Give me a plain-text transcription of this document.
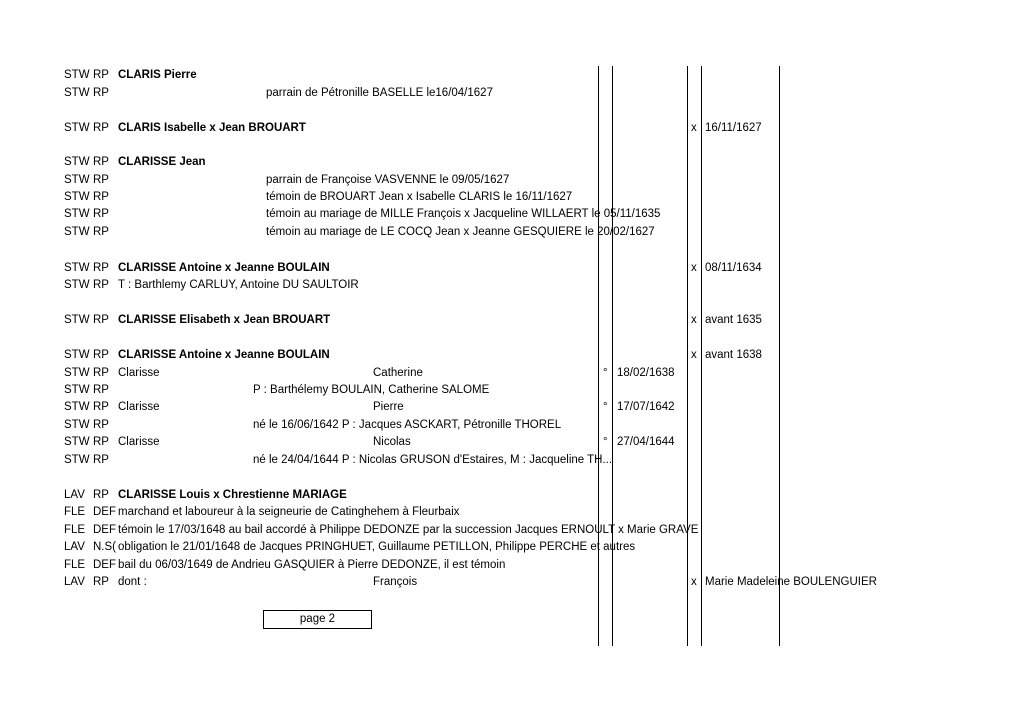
STW RP CLARIS Pierre
STW RP	parrain de Pétronille BASELLE le16/04/1627
STW RP CLARIS Isabelle x Jean BROUART	x 16/11/1627
STW RP CLARISSE Jean
STW RP	parrain de Françoise VASVENNE le 09/05/1627
STW RP	témoin de BROUART Jean x Isabelle CLARIS le 16/11/1627
STW RP	témoin au mariage de MILLE François x Jacqueline WILLAERT le 05/11/1635
STW RP	témoin au mariage de LE COCQ Jean x Jeanne GESQUIERE le 20/02/1627
STW RP CLARISSE Antoine x Jeanne BOULAIN	x 08/11/1634
STW RP T : Barthlemy CARLUY, Antoine DU SAULTOIR
STW RP CLARISSE Elisabeth x Jean BROUART	x avant 1635
STW RP CLARISSE Antoine x Jeanne BOULAIN	x avant 1638
STW RP Clarisse	Catherine	° 18/02/1638
STW RP	P : Barthélemy BOULAIN, Catherine SALOME
STW RP Clarisse	Pierre	° 17/07/1642
STW RP	né le 16/06/1642 P : Jacques ASCKART, Pétronille THOREL
STW RP Clarisse	Nicolas	° 27/04/1644
STW RP	né le 24/04/1644 P : Nicolas GRUSON d'Estaires, M : Jacqueline TH...
LAV RP CLARISSE Louis x Chrestienne MARIAGE
FLE DEF marchand et laboureur à la seigneurie de Catinghehem à Fleurbaix
FLE DEF témoin le 17/03/1648 au bail accordé à Philippe DEDONZE par la succession Jacques ERNOULT x Marie GRAVE
LAV N.S( obligation le 21/01/1648 de Jacques PRINGHUET, Guillaume PETILLON, Philippe PERCHE et autres
FLE DEF bail du 06/03/1649 de Andrieu GASQUIER à Pierre DEDONZE, il est témoin
LAV RP dont :	François	x Marie Madeleine BOULENGUIER
page 2
